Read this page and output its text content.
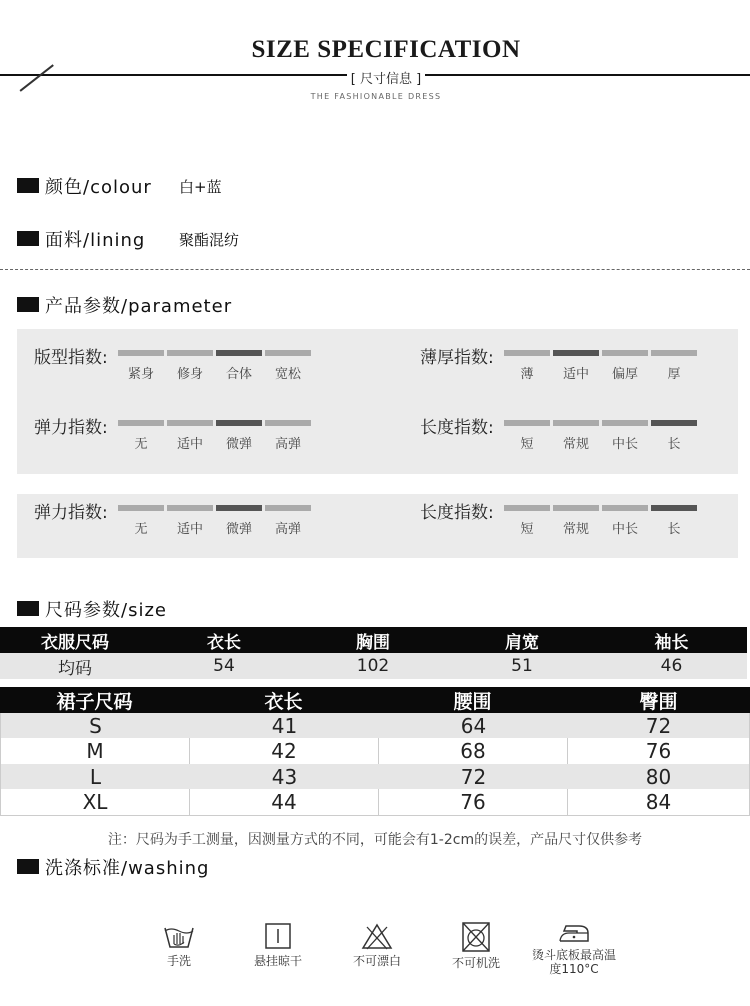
SIZE SPECIFICATION
[ 尺寸信息 ]
THE FASHIONABLE DRESS
颜色/colour 白+蓝
面料/lining 聚酯混纺
产品参数/parameter
版型指数:
紧身	修身	合体	宽松
薄厚指数:
薄	适中	偏厚	厚
弹力指数:
无	适中	微弹	高弹
长度指数:
短	常规	中长	长
弹力指数:
无	适中	微弹	高弹
长度指数:
短	常规	中长	长
尺码参数/size
衣服尺码	衣长	胸围	肩宽	袖长
均码	54	102	51	46
裙子尺码	衣长	腰围	臀围
S	41	64	72
M	42	68	76
L	43	72	80
XL	44	76	84
注：尺码为手工测量，因测量方式的不同，可能会有1-2cm的误差，产品尺寸仅供参考
洗涤标准/washing
手洗	悬挂晾干	不可漂白	不可机洗
烫斗底板最高温度110°C
